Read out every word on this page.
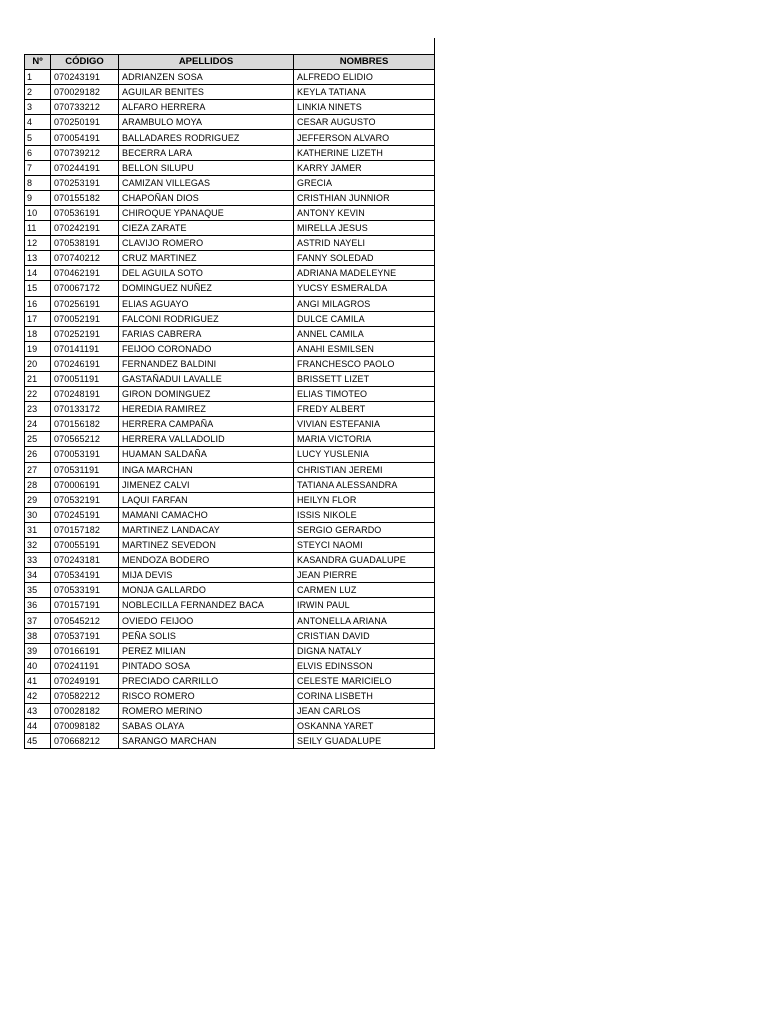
Nº	CÓDIGO	APELLIDOS	NOMBRES
1	070243191	ADRIANZEN SOSA	ALFREDO ELIDIO
2	070029182	AGUILAR BENITES	KEYLA TATIANA
3	070733212	ALFARO HERRERA	LINKIA NINETS
4	070250191	ARAMBULO MOYA	CESAR AUGUSTO
5	070054191	BALLADARES RODRIGUEZ	JEFFERSON ALVARO
6	070739212	BECERRA LARA	KATHERINE LIZETH
7	070244191	BELLON SILUPU	KARRY JAMER
8	070253191	CAMIZAN VILLEGAS	GRECIA
9	070155182	CHAPOÑAN DIOS	CRISTHIAN JUNNIOR
10	070536191	CHIROQUE YPANAQUE	ANTONY KEVIN
11	070242191	CIEZA ZARATE	MIRELLA JESUS
12	070538191	CLAVIJO ROMERO	ASTRID NAYELI
13	070740212	CRUZ MARTINEZ	FANNY SOLEDAD
14	070462191	DEL AGUILA SOTO	ADRIANA MADELEYNE
15	070067172	DOMINGUEZ NUÑEZ	YUCSY ESMERALDA
16	070256191	ELIAS AGUAYO	ANGI MILAGROS
17	070052191	FALCONI RODRIGUEZ	DULCE CAMILA
18	070252191	FARIAS CABRERA	ANNEL CAMILA
19	070141191	FEIJOO CORONADO	ANAHI ESMILSEN
20	070246191	FERNANDEZ BALDINI	FRANCHESCO PAOLO
21	070051191	GASTAÑADUI LAVALLE	BRISSETT LIZET
22	070248191	GIRON DOMINGUEZ	ELIAS TIMOTEO
23	070133172	HEREDIA RAMIREZ	FREDY ALBERT
24	070156182	HERRERA CAMPAÑA	VIVIAN ESTEFANIA
25	070565212	HERRERA VALLADOLID	MARIA VICTORIA
26	070053191	HUAMAN SALDAÑA	LUCY YUSLENIA
27	070531191	INGA MARCHAN	CHRISTIAN JEREMI
28	070006191	JIMENEZ CALVI	TATIANA ALESSANDRA
29	070532191	LAQUI FARFAN	HEILYN FLOR
30	070245191	MAMANI CAMACHO	ISSIS NIKOLE
31	070157182	MARTINEZ LANDACAY	SERGIO GERARDO
32	070055191	MARTINEZ SEVEDON	STEYCI NAOMI
33	070243181	MENDOZA BODERO	KASANDRA GUADALUPE
34	070534191	MIJA DEVIS	JEAN PIERRE
35	070533191	MONJA GALLARDO	CARMEN LUZ
36	070157191	NOBLECILLA FERNANDEZ BACA	IRWIN PAUL
37	070545212	OVIEDO FEIJOO	ANTONELLA ARIANA
38	070537191	PEÑA SOLIS	CRISTIAN DAVID
39	070166191	PEREZ MILIAN	DIGNA NATALY
40	070241191	PINTADO SOSA	ELVIS EDINSSON
41	070249191	PRECIADO CARRILLO	CELESTE MARICIELO
42	070582212	RISCO ROMERO	CORINA LISBETH
43	070028182	ROMERO MERINO	JEAN CARLOS
44	070098182	SABAS OLAYA	OSKANNA YARET
45	070668212	SARANGO MARCHAN	SEILY GUADALUPE
